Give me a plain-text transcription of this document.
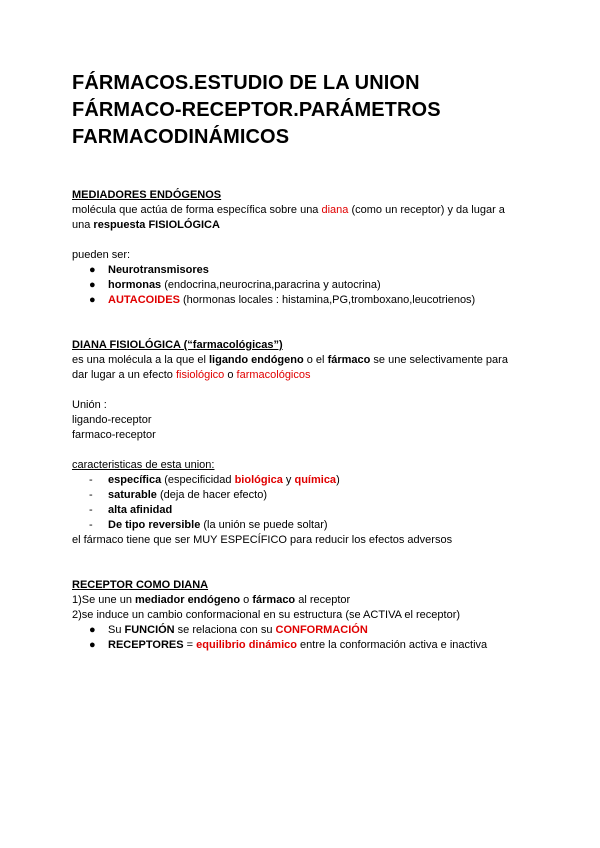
FÁRMACOS.ESTUDIO DE LA UNION
FÁRMACO-RECEPTOR.PARÁMETROS
FARMACODINÁMICOS

MEDIADORES ENDÓGENOS

molécula que actúa de forma específica sobre una diana (como un receptor) y da lugar a

una respuesta FISIOLÓGICA

pueden ser:

● Neurotransmisores
● hormonas (endocrina,neurocrina,paracrina y autocrina)
● AUTACOIDES (hormonas locales : histamina,PG,tromboxano,leucotrienos)

DIANA FISIOLÓGICA (“farmacológicas”)

es una molécula a la que el ligando endógeno o el fármaco se une selectivamente para

dar lugar a un efecto fisiológico o farmacológicos

Unión :

ligando-receptor

farmaco-receptor

caracteristicas de esta union:

- específica (especificidad biológica y química)
- saturable (deja de hacer efecto)
- alta afinidad
- De tipo reversible (la unión se puede soltar)

el fármaco tiene que ser MUY ESPECÍFICO para reducir los efectos adversos

RECEPTOR COMO DIANA

1)Se une un mediador endógeno o fármaco al receptor

2)se induce un cambio conformacional en su estructura (se ACTIVA el receptor)

● Su FUNCIÓN se relaciona con su CONFORMACIÓN
● RECEPTORES = equilibrio dinámico entre la conformación activa e inactiva
